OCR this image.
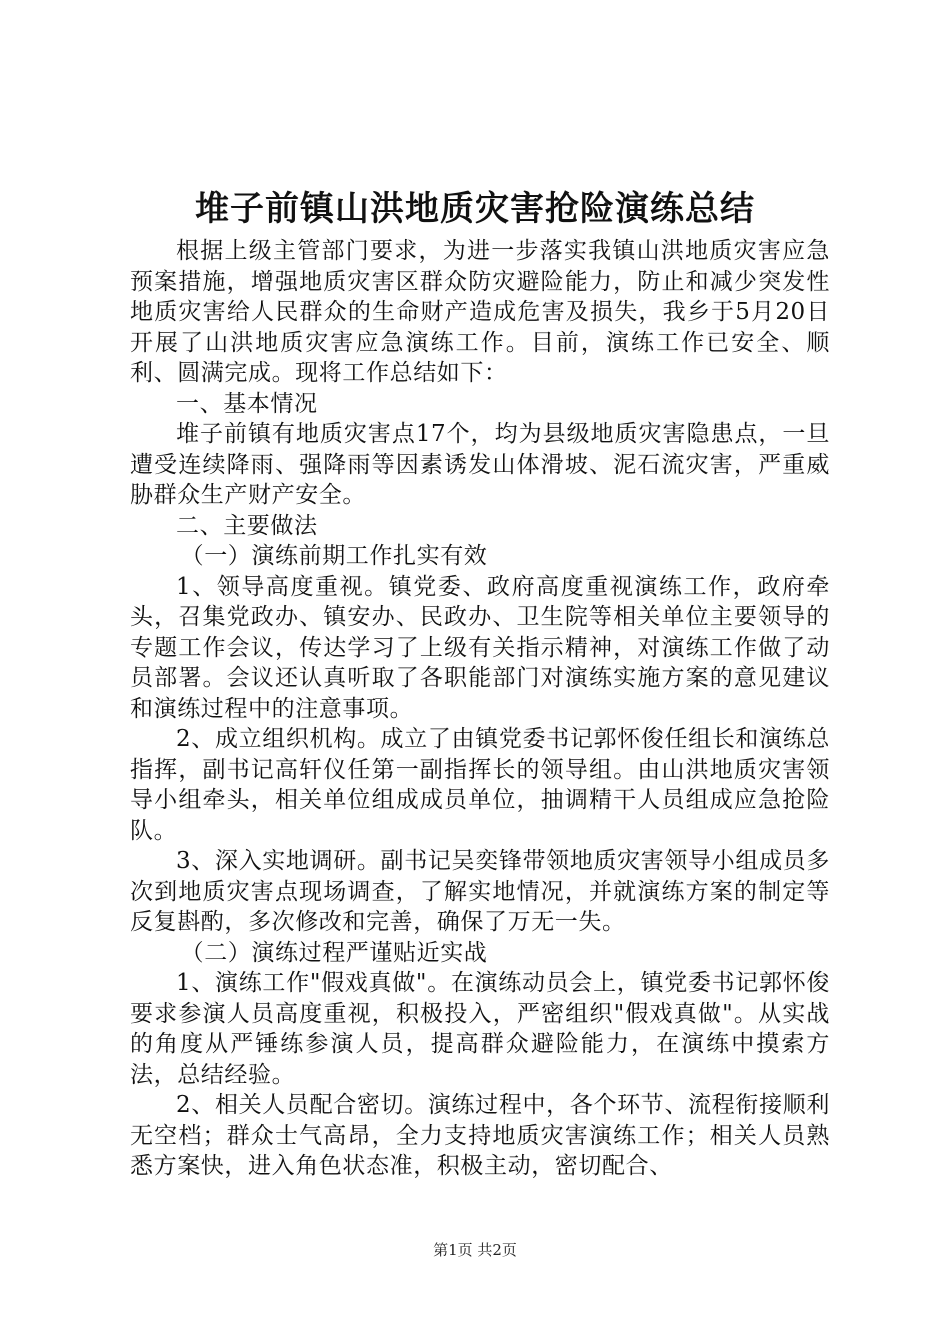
堆子前镇山洪地质灾害抢险演练总结

根据上级主管部门要求，为进一步落实我镇山洪地质灾害应急预案措施，增强地质灾害区群众防灾避险能力，防止和减少突发性地质灾害给人民群众的生命财产造成危害及损失，我乡于5月20日开展了山洪地质灾害应急演练工作。目前，演练工作已安全、顺利、圆满完成。现将工作总结如下：

一、基本情况

堆子前镇有地质灾害点17个，均为县级地质灾害隐患点，一旦遭受连续降雨、强降雨等因素诱发山体滑坡、泥石流灾害，严重威胁群众生产财产安全。

二、主要做法

（一）演练前期工作扎实有效

1、领导高度重视。镇党委、政府高度重视演练工作，政府牵头，召集党政办、镇安办、民政办、卫生院等相关单位主要领导的专题工作会议，传达学习了上级有关指示精神，对演练工作做了动员部署。会议还认真听取了各职能部门对演练实施方案的意见建议和演练过程中的注意事项。

2、成立组织机构。成立了由镇党委书记郭怀俊任组长和演练总指挥，副书记高轩仪任第一副指挥长的领导组。由山洪地质灾害领导小组牵头，相关单位组成成员单位，抽调精干人员组成应急抢险队。

3、深入实地调研。副书记吴奕锋带领地质灾害领导小组成员多次到地质灾害点现场调查，了解实地情况，并就演练方案的制定等反复斟酌，多次修改和完善，确保了万无一失。

（二）演练过程严谨贴近实战

1、演练工作"假戏真做"。在演练动员会上，镇党委书记郭怀俊要求参演人员高度重视，积极投入，严密组织"假戏真做"。从实战的角度从严锤练参演人员，提高群众避险能力，在演练中摸索方法，总结经验。

2、相关人员配合密切。演练过程中，各个环节、流程衔接顺利无空档；群众士气高昂，全力支持地质灾害演练工作；相关人员熟悉方案快，进入角色状态准，积极主动，密切配合、

第1页 共2页
